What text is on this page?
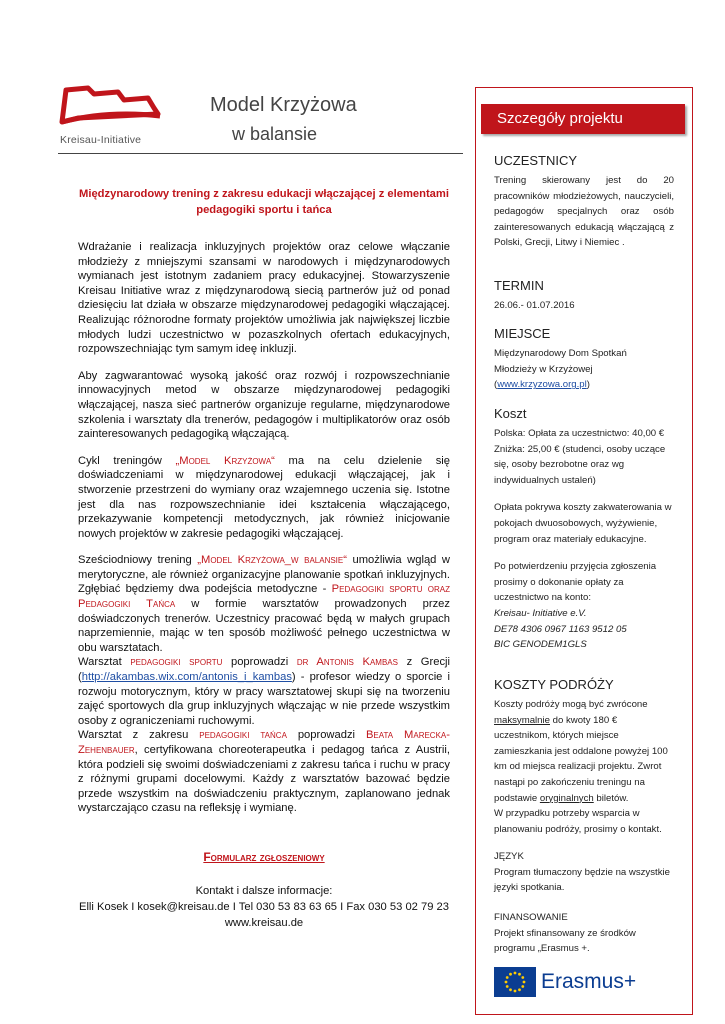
Kreisau-Initiative
Model Krzyżowa
w balansie
Międzynarodowy trening z zakresu edukacji włączającej z elementami
pedagogiki sportu i tańca

Wdrażanie i realizacja inkluzyjnych projektów oraz celowe włączanie młodzieży z mniejszymi szansami w narodowych i międzynarodowych wymianach jest istotnym zadaniem pracy edukacyjnej. Stowarzyszenie Kreisau Initiative wraz z międzynarodową siecią partnerów już od ponad dziesięciu lat działa w obszarze międzynarodowej pedagogiki włączającej. Realizując różnorodne formaty projektów umożliwia jak największej liczbie młodych ludzi uczestnictwo w pozaszkolnych ofertach edukacyjnych, rozpowszechniając tym samym ideę inkluzji.

Aby zagwarantować wysoką jakość oraz rozwój i rozpowszechnianie innowacyjnych metod w obszarze międzynarodowej pedagogiki włączającej, nasza sieć partnerów organizuje regularne, międzynarodowe szkolenia i warsztaty dla trenerów, pedagogów i multiplikatorów oraz osób zainteresowanych pedagogiką włączającą.

Cykl treningów „Model Krzyżowa“ ma na celu dzielenie się doświadczeniami w międzynarodowej edukacji włączającej, jak i stworzenie przestrzeni do wymiany oraz wzajemnego uczenia się. Istotne jest dla nas rozpowszechnianie idei kształcenia włączającego, przekazywanie kompetencji metodycznych, jak również inicjowanie nowych projektów w zakresie pedagogiki włączającej.

Sześciodniowy trening „Model Krzyżowa_w balansie“ umożliwia wgląd w merytoryczne, ale również organizacyjne planowanie spotkań inkluzyjnych. Zgłębiać będziemy dwa podejścia metodyczne - Pedagogiki sportu oraz Pedagogiki Tańca w formie warsztatów prowadzonych przez doświadczonych trenerów. Uczestnicy pracować będą w małych grupach naprzemiennie, mając w ten sposób możliwość pełnego uczestnictwa w obu warsztatach.

Warsztat pedagogiki sportu poprowadzi dr Antonis Kambas z Grecji (http://akambas.wix.com/antonis_i_kambas) - profesor wiedzy o sporcie i rozwoju motorycznym, który w pracy warsztatowej skupi się na tworzeniu zajęć sportowych dla grup inkluzyjnych włączając w nie przede wszystkim osoby z ograniczeniami ruchowymi.

Warsztat z zakresu pedagogiki tańca poprowadzi Beata Marecka-Zehenbauer, certyfikowana choreoterapeutka i pedagog tańca z Austrii, która podzieli się swoimi doświadczeniami z zakresu tańca i ruchu w pracy z różnymi grupami docelowymi. Każdy z warsztatów bazować będzie przede wszystkim na doświadczeniu praktycznym, zaplanowano jednak wystarczająco czasu na refleksję i wymianę.

Formularz zgłoszeniowy
Kontakt i dalsze informacje:
Elli Kosek I kosek@kreisau.de I Tel 030 53 83 63 65 I Fax 030 53 02 79 23
www.kreisau.de
Szczegóły projektu
UCZESTNICY
Trening skierowany jest do 20 pracowników młodzieżowych, nauczycieli, pedagogów specjalnych oraz osób zainteresowanych edukacją włączającą z Polski, Grecji, Litwy i Niemiec .
TERMIN
26.06.- 01.07.2016
MIEJSCE
Międzynarodowy Dom Spotkań
Młodzieży w Krzyżowej
(www.krzyzowa.org.pl)
Koszt
Polska: Opłata za uczestnictwo: 40,00 €
Zniżka: 25,00 € (studenci, osoby uczące się, osoby bezrobotne oraz wg indywidualnych ustaleń)
Opłata pokrywa koszty zakwaterowania w pokojach dwuosobowych, wyżywienie, program oraz materiały edukacyjne.
Po potwierdzeniu przyjęcia zgłoszenia prosimy o dokonanie opłaty za uczestnictwo na konto:
Kreisau- Initiative e.V.
DE78 4306 0967 1163 9512 05
BIC GENODEM1GLS
KOSZTY PODRÓŻY
Koszty podróży mogą być zwrócone maksymalnie do kwoty 180 € uczestnikom, których miejsce zamieszkania jest oddalone powyżej 100 km od miejsca realizacji projektu. Zwrot nastąpi po zakończeniu treningu na podstawie oryginalnych biletów.
W przypadku potrzeby wsparcia w planowaniu podróży, prosimy o kontakt.
JĘZYK
Program tłumaczony będzie na wszystkie języki spotkania.
FINANSOWANIE
Projekt sfinansowany ze środków programu „Erasmus +.
Erasmus+
